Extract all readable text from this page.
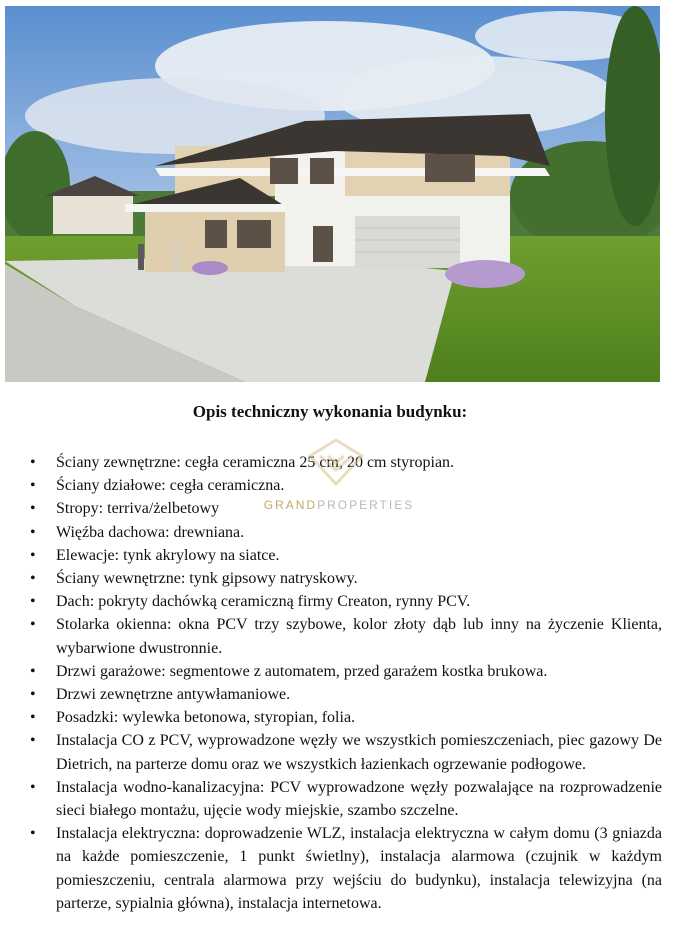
Opis techniczny wykonania budynku:
• Ściany zewnętrzne: cegła ceramiczna 25 cm, 20 cm styropian.
• Ściany działowe: cegła ceramiczna.
• Stropy: terriva/żelbetowy
• Więźba dachowa: drewniana.
• Elewacje: tynk akrylowy na siatce.
• Ściany wewnętrzne: tynk gipsowy natryskowy.
• Dach: pokryty dachówką ceramiczną firmy Creaton, rynny PCV.
• Stolarka okienna: okna PCV trzy szybowe, kolor złoty dąb lub inny na życzenie Klienta, wybarwione dwustronnie.
• Drzwi garażowe: segmentowe z automatem, przed garażem kostka brukowa.
• Drzwi zewnętrzne antywłamaniowe.
• Posadzki: wylewka betonowa, styropian, folia.
• Instalacja CO z PCV, wyprowadzone węzły we wszystkich pomieszczeniach, piec gazowy De Dietrich, na parterze domu oraz we wszystkich łazienkach ogrzewanie podłogowe.
• Instalacja wodno-kanalizacyjna: PCV wyprowadzone węzły pozwalające na rozprowadzenie sieci białego montażu, ujęcie wody miejskie, szambo szczelne.
• Instalacja elektryczna: doprowadzenie WLZ, instalacja elektryczna w całym domu (3 gniazda na każde pomieszczenie, 1 punkt świetlny), instalacja alarmowa (czujnik w każdym pomieszczeniu, centrala alarmowa przy wejściu do budynku), instalacja telewizyjna (na parterze, sypialnia główna), instalacja internetowa.
GRANDPROPERTIES
